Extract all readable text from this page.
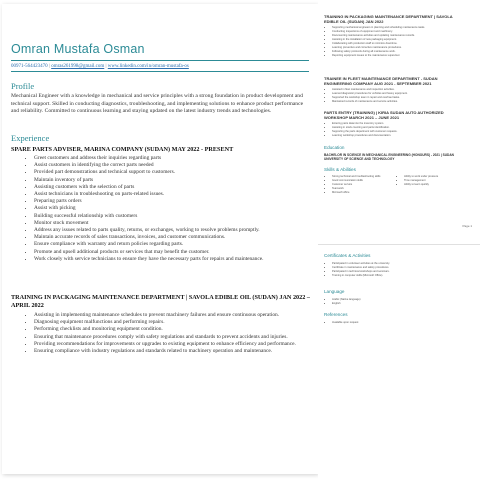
Omran Mustafa Osman
00971-564423470 | omras261998@gmail.com | www.linkedin.com/in/omran-mustafa-os
Profile
Mechanical Engineer with a knowledge in mechanical and service principles with a strong foundation in product development and technical support. Skilled in conducting diagnostics, troubleshooting, and implementing solutions to enhance product performance and reliability. Committed to continuous learning and staying updated on the latest industry trends and technologies.
Experience
SPARE PARTS ADVISER, MARINA COMPANY (SUDAN) MAY 2022 - PRESENT
• Greet customers and address their inquiries regarding parts
• Assist customers in identifying the correct parts needed
• Provided part demonstrations and technical support to customers.
• Maintain inventory of parts
• Assisting customers with the selection of parts
• Assist technicians in troubleshooting on parts-related issues.
• Preparing parts orders
• Assist with picking
• Building successful relationship with customers
• Monitor stock movement
• Address any issues related to parts quality, returns, or exchanges, working to resolve problems promptly.
• Maintain accurate records of sales transactions, invoices, and customer communications.
• Ensure compliance with warranty and return policies regarding parts.
• Promote and upsell additional products or services that may benefit the customer.
• Work closely with service technicians to ensure they have the necessary parts for repairs and maintenance.
TRAINING IN PACKAGING MAINTENANCE DEPARTMENT | SAVOLA EDIBLE OIL (SUDAN) JAN 2022 – APRIL 2022
• Assisting in implementing maintenance schedules to prevent machinery failures and ensure continuous operation.
• Diagnosing equipment malfunctions and performing repairs.
• Performing checklists and monitoring equipment condition.
• Ensuring that maintenance procedures comply with safety regulations and standards to prevent accidents and injuries.
• Providing recommendations for improvements or upgrades to existing equipment to enhance efficiency and performance.
• Ensuring compliance with industry regulations and standards related to machinery operation and maintenance.
TRAINING IN PACKAGING MAINTENANCE DEPARTMENT | SAVOLA EDIBLE OIL (SUDAN) JAN 2022
• Supporting mechanical engineers in planning and scheduling maintenance tasks.
• Conducting inspections of equipment and machinery.
• Documenting maintenance activities and updating maintenance records.
• Assisting in the installation of new packaging equipment.
• Collaborating with production staff to minimize downtime.
• Learning preventive and corrective maintenance procedures.
• Following safety protocols during all maintenance work.
• Reporting equipment issues to the maintenance supervisor.
TRAINEE IN FLEET MAINTENANCE DEPARTMENT - SUDAN ENGINEERING COMPANY AUG 2021 - SEPTEMBER 2021
• Assisted in fleet maintenance and inspection activities.
• Learned diagnostic procedures for vehicles and heavy equipment.
• Supported the workshop team in repair and overhaul tasks.
• Maintained records of maintenance and service activities.
PARTS ENTRY (TRAINING) | KIRIA SUDAN AUTO AUTHORIZED WORKSHOP MARCH 2021 – JUNE 2021
• Entering parts data into the inventory system.
• Assisting in stock counting and parts identification.
• Supporting the parts department with customer requests.
• Learning workshop procedures and documentation.
Education
BACHELOR IN SCIENCE IN MECHANICAL ENGINEERING (HONOURS) - 2021 | SUDAN UNIVERSITY OF SCIENCE AND TECHNOLOGY
Skills & Abilities
• Strong technical and troubleshooting skills
• Good communication skills
• Customer service
• Teamwork
• Microsoft office
• Ability to work under pressure
• Time management
• Ability to learn quickly
Page 1
Certificates & Activities
• Participated in volunteer activities at the university.
• Certificate in maintenance and safety procedures.
• Participated in technical workshops and seminars.
• Training in computer skills (Microsoft Office).
Language
• Arabic (Native language)
• English
References
• Available upon request
